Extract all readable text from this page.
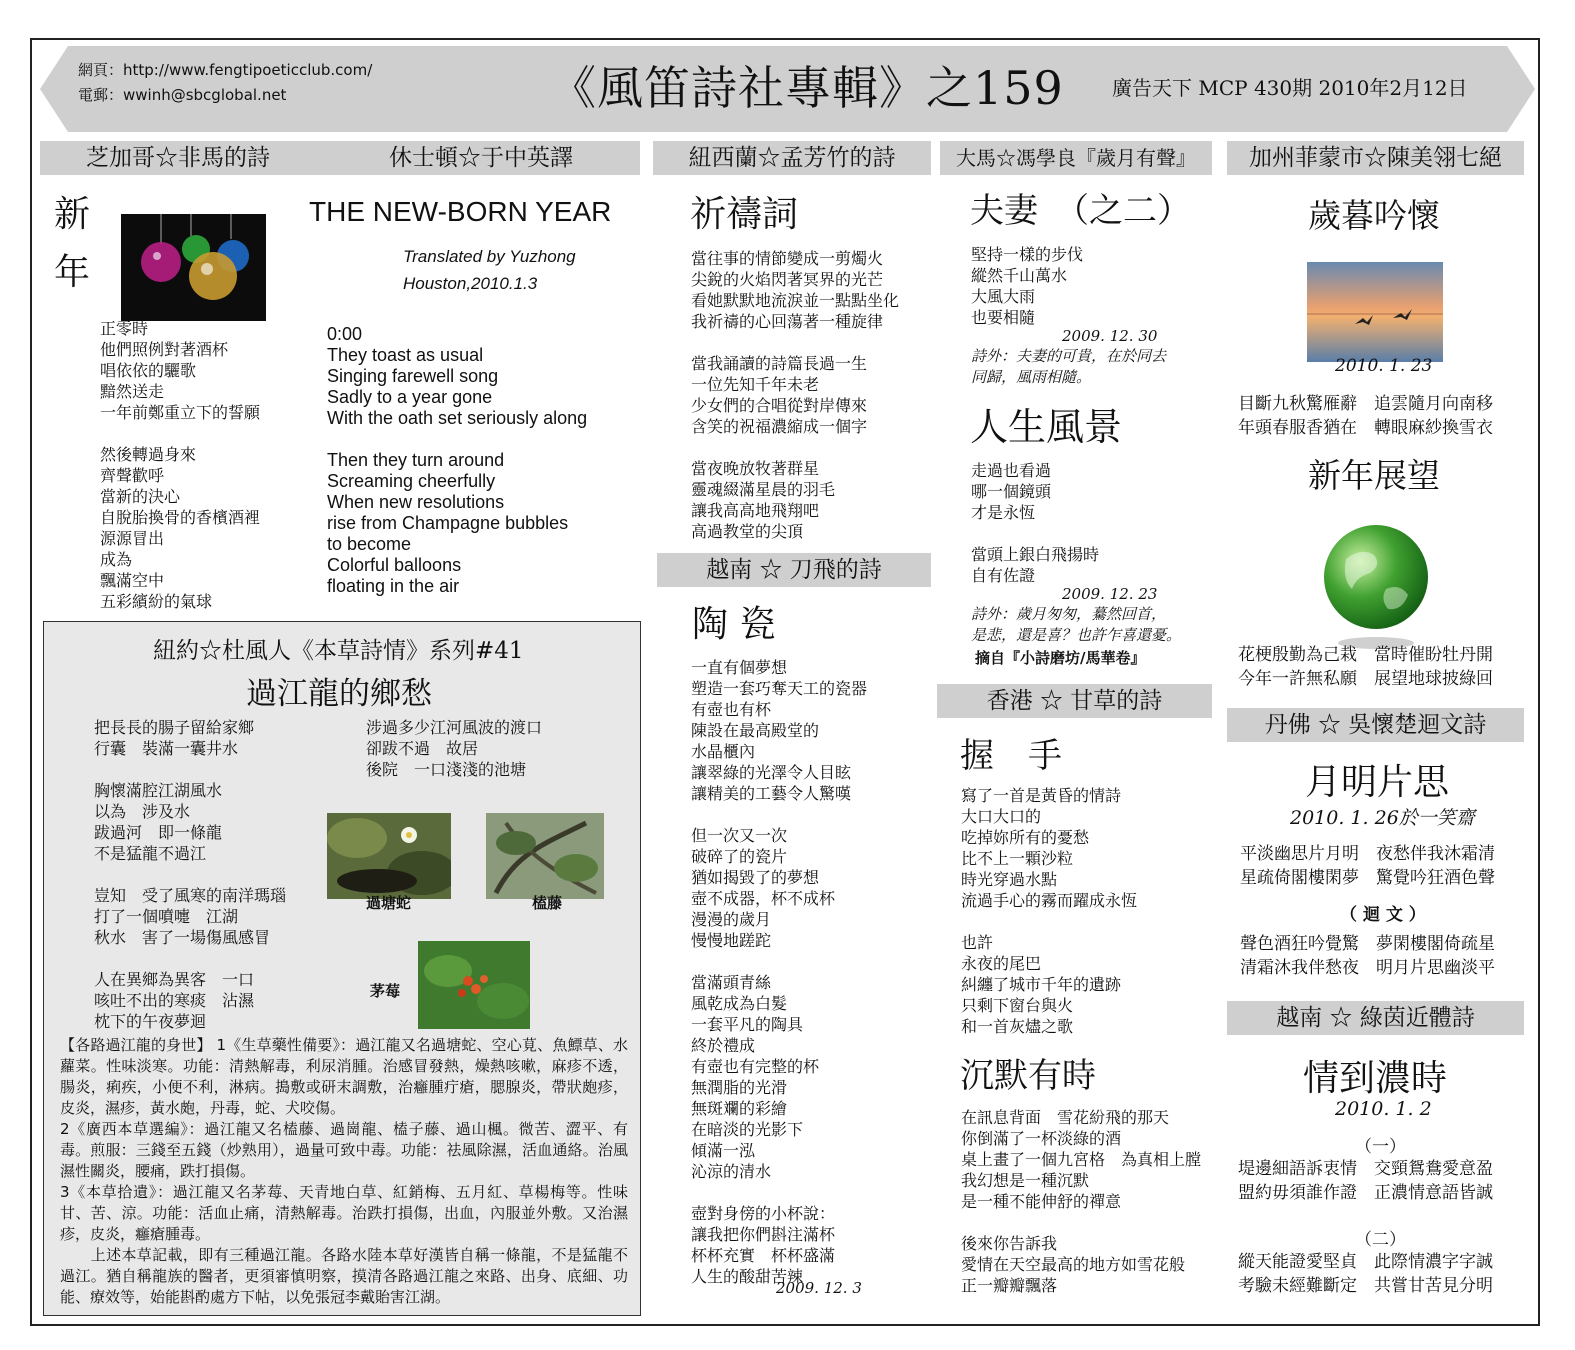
網頁：http://www.fengtipoeticclub.com/
電郵：wwinh@sbcglobal.net	《風笛詩社專輯》之159 廣告天下 MCP 430期 2010年2月12日
芝加哥☆非馬的詩	休士頓☆于中英譯
新
年

正零時
他們照例對著酒杯
唱依依的驪歌
黯然送走
一年前鄭重立下的誓願

然後轉過身來
齊聲歡呼
當新的決心
自脫胎換骨的香檳酒裡
源源冒出
成為
飄滿空中
五彩繽紛的氣球
THE NEW-BORN YEAR
Translated by Yuzhong
Houston,2010.1.3
0:00
They toast as usual
Singing farewell song
Sadly to a year gone
With the oath set seriously along

Then they turn around
Screaming cheerfully
When new resolutions
rise from Champagne bubbles
to become
Colorful balloons
floating in the air
紐約☆杜風人《本草詩情》系列#41
過江龍的鄉愁
把長長的腸子留給家鄉
行囊　裝滿一囊井水

胸懷滿腔江湖風水
以為　涉及水
跋過河　即一條龍
不是猛龍不過江

豈知　受了風寒的南洋瑪瑙
打了一個噴嚏　江湖
秋水　害了一場傷風感冒

人在異鄉為異客　一口
咳吐不出的寒痰　沾濕
枕下的午夜夢迴
涉過多少江河風波的渡口
卻跋不過　故居
後院　一口淺淺的池塘

過塘蛇	榼藤
茅莓
【各路過江龍的身世】 1《生草藥性備要》：過江龍又名過塘蛇、空心莧、魚鰾草、水蘿菜。性味淡寒。功能：清熱解毒，利尿消腫。治感冒發熱，燥熱咳嗽，麻疹不透，腸炎，痢疾，小便不利，淋病。搗敷或研末調敷，治癰腫疔瘡，腮腺炎，帶狀皰疹，皮炎，濕疹，黃水皰，丹毒，蛇、犬咬傷。
2《廣西本草選編》：過江龍又名榼藤、過崗龍、榼子藤、過山楓。微苦、澀平、有毒。煎服：三錢至五錢（炒熟用），過量可致中毒。功能：祛風除濕，活血通絡。治風濕性關炎，腰痛，跌打損傷。
3《本草拾遺》：過江龍又名茅莓、天青地白草、紅銷梅、五月紅、草楊梅等。性味甘、苦、涼。功能：活血止痛，清熱解毒。治跌打損傷，出血，內服並外敷。又治濕疹，皮炎，癰瘡腫毒。
　　上述本草記載，即有三種過江龍。各路水陸本草好漢皆自稱一條龍，不是猛龍不過江。猶自稱龍族的醫者，更須審慎明察，摸清各路過江龍之來路、出身、底細、功能、療效等，始能斟酌處方下帖，以免張冠李戴貽害江湖。
紐西蘭☆孟芳竹的詩
祈禱詞
當往事的情節變成一剪燭火
尖銳的火焰閃著冥界的光芒
看她默默地流淚並一點點坐化
我祈禱的心回蕩著一種旋律

當我誦讀的詩篇長過一生
一位先知千年未老
少女們的合唱從對岸傳來
含笑的祝福濃縮成一個字

當夜晚放牧著群星
靈魂綴滿星晨的羽毛
讓我高高地飛翔吧
高過教堂的尖頂
越南 ☆ 刀飛的詩
陶 瓷
一直有個夢想
塑造一套巧奪天工的瓷器
有壺也有杯
陳設在最高殿堂的
水晶櫃內
讓翠綠的光澤令人目眩
讓精美的工藝令人驚嘆

但一次又一次
破碎了的瓷片
猶如揭毀了的夢想
壺不成器，杯不成杯
漫漫的歲月
慢慢地蹉跎

當滿頭青絲
風乾成為白髮
一套平凡的陶具
終於禮成
有壺也有完整的杯
無潤脂的光滑
無斑斕的彩繪
在暗淡的光影下
傾滿一泓
沁涼的清水

壺對身傍的小杯說：
讓我把你們斟注滿杯
杯杯充實　杯杯盛滿
人生的酸甜苦辣
2009. 12. 3
大馬☆馮學良『歲月有聲』
夫妻　（之二）
堅持一樣的步伐
縱然千山萬水
大風大雨
也要相隨
2009. 12. 30
詩外：夫妻的可貴，在於同去
同歸，風雨相隨。
人生風景
走過也看過
哪一個鏡頭
才是永恆

當頭上銀白飛揚時
自有佐證
2009. 12. 23
詩外：歲月匆匆，驀然回首，
是悲，還是喜？也許乍喜還憂。
摘自『小詩磨坊/馬華卷』
香港 ☆ 甘草的詩
握　手
寫了一首是黃昏的情詩
大口大口的
吃掉妳所有的憂愁
比不上一顆沙粒
時光穿過水點
流過手心的霧而躍成永恆

也許
永夜的尾巴
糾纏了城市千年的遺跡
只剩下窗台與火
和一首灰燼之歌
沉默有時
在訊息背面　雪花紛飛的那天
你倒滿了一杯淡綠的酒
桌上畫了一個九宮格　為真相上膛
我幻想是一種沉默
是一種不能伸舒的禪意

後來你告訴我
愛情在天空最高的地方如雪花般
正一瓣瓣飄落
加州菲蒙市☆陳美翎七絕
歲暮吟懷

2010. 1. 23
目斷九秋驚雁辭　追雲隨月向南移
年頭春服香猶在　轉眼麻紗換雪衣
新年展望

花梗殷勤為己栽　當時催盼牡丹開
今年一許無私願　展望地球披綠回
丹佛 ☆ 吳懷楚迴文詩
月明片思
2010. 1. 26於一笑齋
平淡幽思片月明　夜愁伴我沐霜清
星疏倚閣樓閑夢　驚覺吟狂酒色聲
（ 迴 文 ）
聲色酒狂吟覺驚　夢閑樓閣倚疏星
清霜沐我伴愁夜　明月片思幽淡平
越南 ☆ 綠茵近體詩
情到濃時
2010. 1. 2
（一）
堤邊細語訴衷情　交頸鴛鴦愛意盈
盟約毋須誰作證　正濃情意語皆誠
（二）
縱天能證愛堅貞　此際情濃字字誠
考驗未經難斷定　共嘗甘苦見分明
